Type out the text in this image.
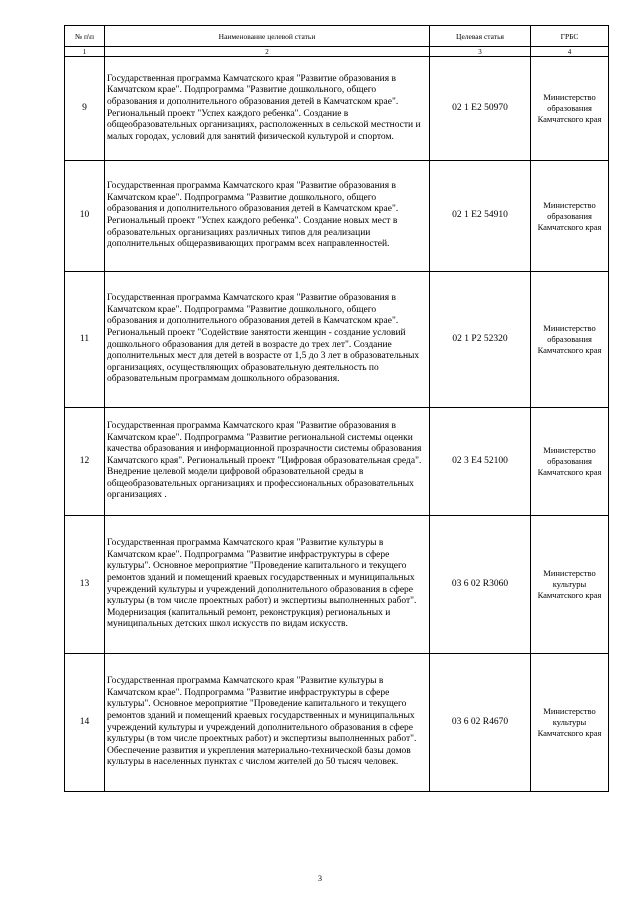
№ п\п	Наименование целевой статьи	Целевая статья	ГРБС
1	2	3	4
9	Государственная программа Камчатского края "Развитие образования в Камчатском крае". Подпрограмма "Развитие дошкольного, общего образования и дополнительного образования детей в Камчатском крае". Региональный проект "Успех каждого ребенка". Создание в общеобразовательных организациях, расположенных в сельской местности и малых городах, условий для занятий физической культурой и спортом.	02 1 E2 50970	Министерство образования Камчатского края
10	Государственная программа Камчатского края "Развитие образования в Камчатском крае". Подпрограмма "Развитие дошкольного, общего образования и дополнительного образования детей в Камчатском крае". Региональный проект "Успех каждого ребенка". Создание новых мест в образовательных организациях различных типов для реализации дополнительных общеразвивающих программ всех направленностей.	02 1 E2 54910	Министерство образования Камчатского края
11	Государственная программа Камчатского края "Развитие образования в Камчатском крае". Подпрограмма "Развитие дошкольного, общего образования и дополнительного образования детей в Камчатском крае". Региональный проект "Содействие занятости женщин - создание условий дошкольного образования для детей в возрасте до трех лет". Создание дополнительных мест для детей в возрасте от 1,5 до 3 лет в образовательных организациях, осуществляющих образовательную деятельность по образовательным программам дошкольного образования.	02 1 P2 52320	Министерство образования Камчатского края
12	Государственная программа Камчатского края "Развитие образования в Камчатском крае". Подпрограмма "Развитие региональной системы оценки качества образования и информационной прозрачности системы образования Камчатского края". Региональный проект "Цифровая образовательная среда". Внедрение целевой модели цифровой образовательной среды в общеобразовательных организациях и профессиональных образовательных организациях .	02 3 E4 52100	Министерство образования Камчатского края
13	Государственная программа Камчатского края "Развитие культуры в Камчатском крае". Подпрограмма "Развитие инфраструктуры в сфере культуры". Основное мероприятие "Проведение капитального и текущего ремонтов зданий и помещений краевых государственных и муниципальных учреждений культуры и учреждений дополнительного образования в сфере культуры (в том числе проектных работ) и экспертизы выполненных работ". Модернизация (капитальный ремонт, реконструкция) региональных и муниципальных детских школ искусств по видам искусств.	03 6 02 R3060	Министерство культуры Камчатского края
14	Государственная программа Камчатского края "Развитие культуры в Камчатском крае". Подпрограмма "Развитие инфраструктуры в сфере культуры". Основное мероприятие "Проведение капитального и текущего ремонтов зданий и помещений краевых государственных и муниципальных учреждений культуры и учреждений дополнительного образования в сфере культуры (в том числе проектных работ) и экспертизы выполненных работ". Обеспечение развития и укрепления материально-технической базы домов культуры в населенных пунктах с числом жителей до 50 тысяч человек.	03 6 02 R4670	Министерство культуры Камчатского края
3
